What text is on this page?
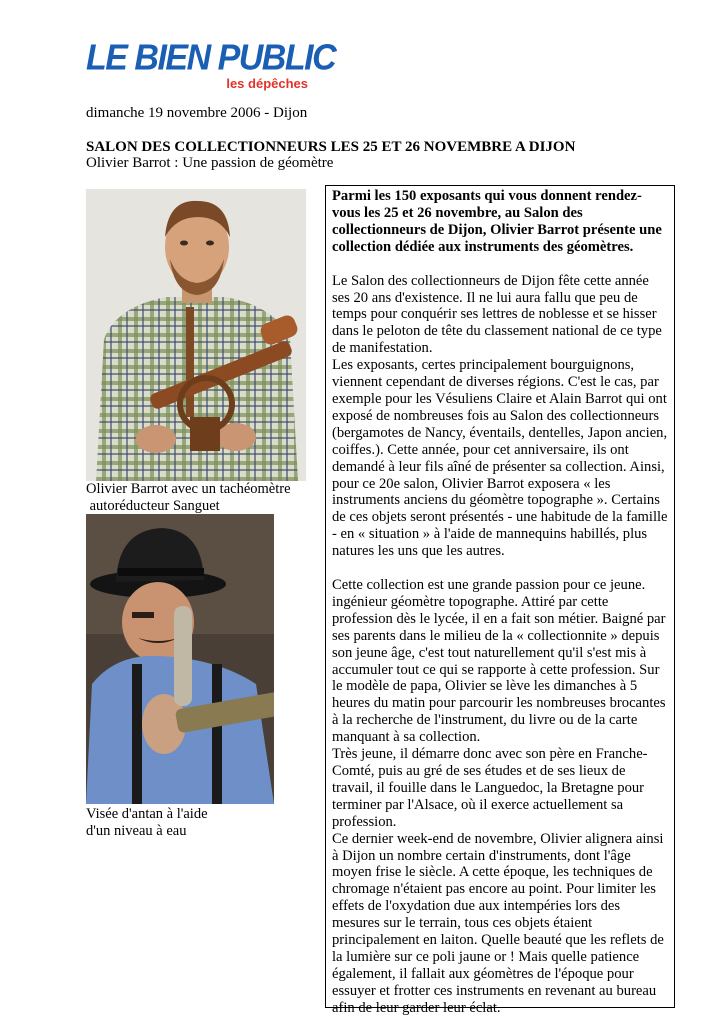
LE BIEN PUBLIC
les dépêches
dimanche 19 novembre 2006 - Dijon
SALON DES COLLECTIONNEURS LES 25 ET 26 NOVEMBRE A DIJON
Olivier Barrot : Une passion de géomètre
Olivier Barrot avec un tachéomètre
autoréducteur Sanguet
Visée d'antan à l'aide
d'un niveau à eau

Parmi les 150 exposants qui vous donnent rendez-vous les 25 et 26 novembre, au Salon des collectionneurs de Dijon, Olivier Barrot présente une collection dédiée aux instruments des géomètres.

Le Salon des collectionneurs de Dijon fête cette année ses 20 ans d'existence. Il ne lui aura fallu que peu de temps pour conquérir ses lettres de noblesse et se hisser dans le peloton de tête du classement national de ce type de manifestation.

Les exposants, certes principalement bourguignons, viennent cependant de diverses régions. C'est le cas, par exemple pour les Vésuliens Claire et Alain Barrot qui ont exposé de nombreuses fois au Salon des collectionneurs (bergamotes de Nancy, éventails, dentelles, Japon ancien, coiffes.). Cette année, pour cet anniversaire, ils ont demandé à leur fils aîné de présenter sa collection. Ainsi, pour ce 20e salon, Olivier Barrot exposera « les instruments anciens du géomètre topographe ». Certains de ces objets seront présentés - une habitude de la famille - en « situation » à l'aide de mannequins habillés, plus natures les uns que les autres.

Cette collection est une grande passion pour ce jeune. ingénieur géomètre topographe. Attiré par cette profession dès le lycée, il en a fait son métier. Baigné par ses parents dans le milieu de la « collectionnite » depuis son jeune âge, c'est tout naturellement qu'il s'est mis à accumuler tout ce qui se rapporte à cette profession. Sur le modèle de papa, Olivier se lève les dimanches à 5 heures du matin pour parcourir les nombreuses brocantes à la recherche de l'instrument, du livre ou de la carte manquant à sa collection.

Très jeune, il démarre donc avec son père en Franche-Comté, puis au gré de ses études et de ses lieux de travail, il fouille dans le Languedoc, la Bretagne pour terminer par l'Alsace, où il exerce actuellement sa profession.

Ce dernier week-end de novembre, Olivier alignera ainsi à Dijon un nombre certain d'instruments, dont l'âge moyen frise le siècle. A cette époque, les techniques de chromage n'étaient pas encore au point. Pour limiter les effets de l'oxydation due aux intempéries lors des mesures sur le terrain, tous ces objets étaient principalement en laiton. Quelle beauté que les reflets de la lumière sur ce poli jaune or ! Mais quelle patience également, il fallait aux géomètres de l'époque pour essuyer et frotter ces instruments en revenant au bureau afin de leur garder leur éclat.
